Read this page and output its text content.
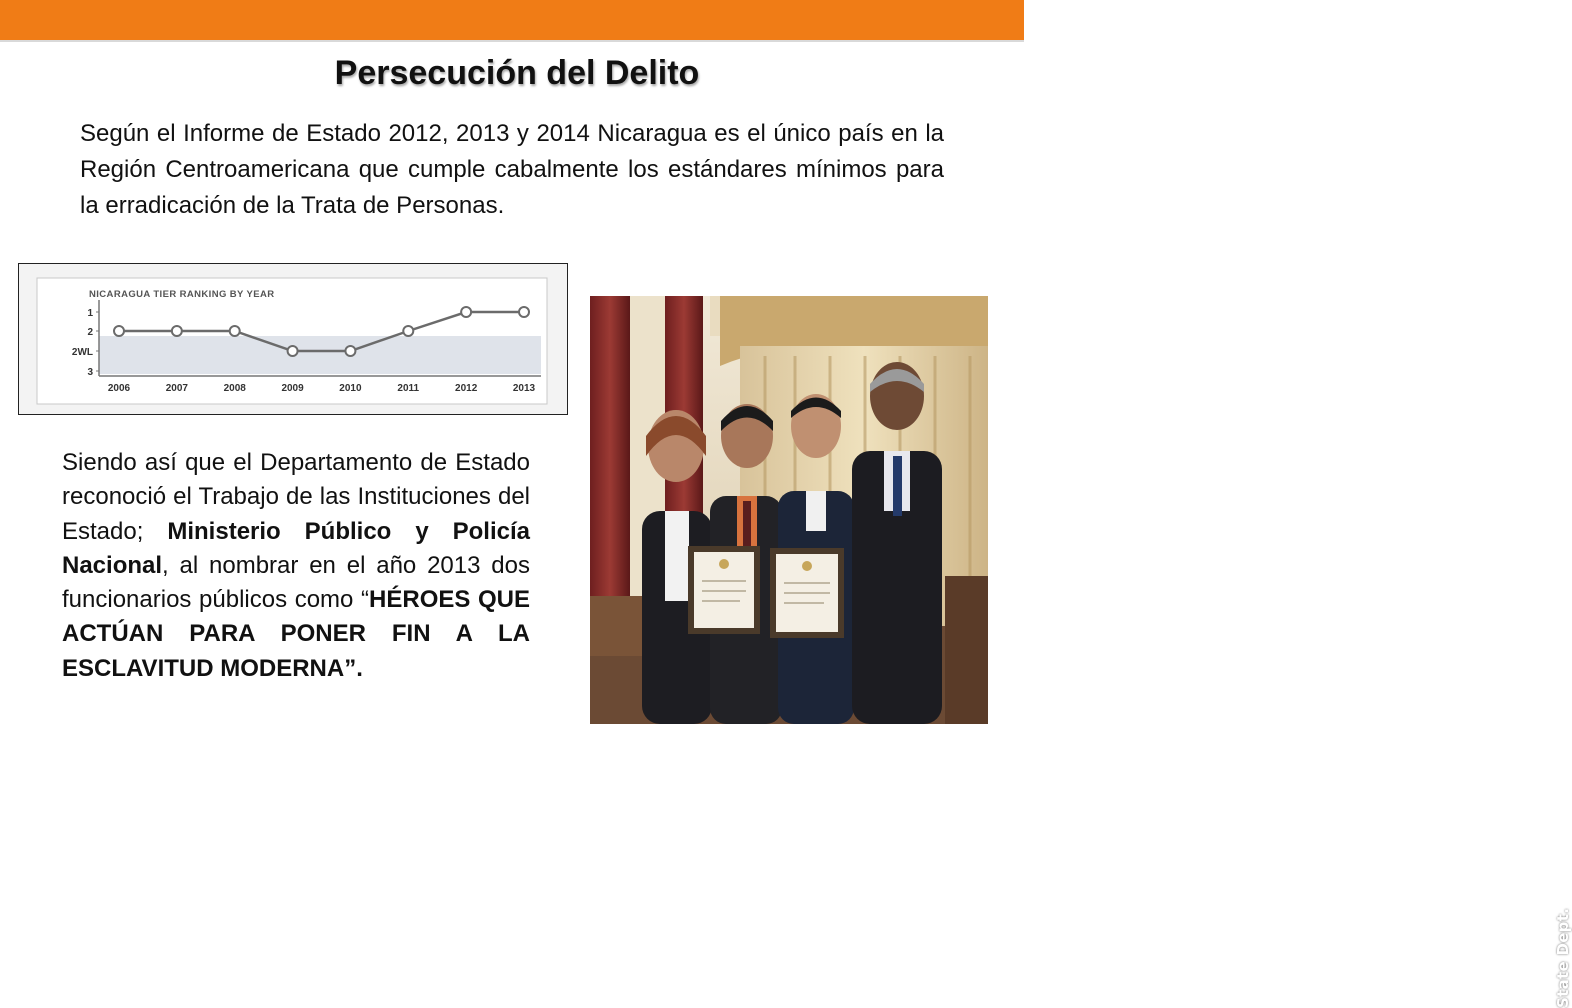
Persecución del Delito

Según el Informe de Estado 2012, 2013 y 2014 Nicaragua es el único país en la Región Centroamericana que cumple cabalmente los estándares mínimos para la erradicación de la Trata de Personas.

NICARAGUA TIER RANKING BY YEAR
1
2
2WL
3
2006	2007	2008	2009	2010	2011	2012	2013

Siendo así que el Departamento de Estado reconoció el Trabajo de las Instituciones del Estado; Ministerio Público y Policía Nacional, al nombrar en el año 2013 dos funcionarios públicos como “HÉROES QUE ACTÚAN PARA PONER FIN A LA ESCLAVITUD MODERNA”.

State Dept.
